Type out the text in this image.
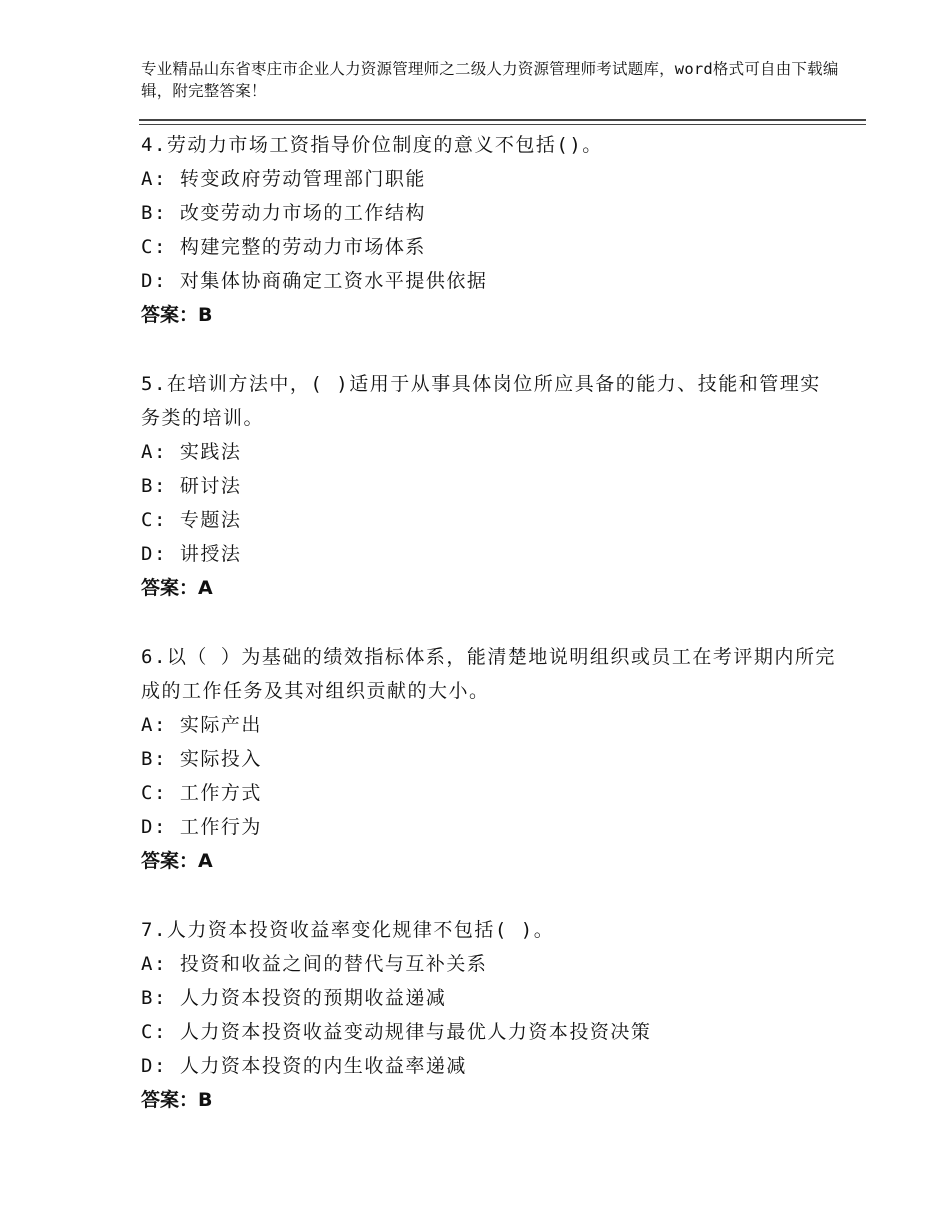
专业精品山东省枣庄市企业人力资源管理师之二级人力资源管理师考试题库，word格式可自由下载编辑，附完整答案！
4.劳动力市场工资指导价位制度的意义不包括()。
A: 转变政府劳动管理部门职能
B: 改变劳动力市场的工作结构
C: 构建完整的劳动力市场体系
D: 对集体协商确定工资水平提供依据
答案：B
5.在培训方法中，( )适用于从事具体岗位所应具备的能力、技能和管理实务类的培训。
A: 实践法
B: 研讨法
C: 专题法
D: 讲授法
答案：A
6.以（ ）为基础的绩效指标体系，能清楚地说明组织或员工在考评期内所完成的工作任务及其对组织贡献的大小。
A: 实际产出
B: 实际投入
C: 工作方式
D: 工作行为
答案：A
7.人力资本投资收益率变化规律不包括( )。
A: 投资和收益之间的替代与互补关系
B: 人力资本投资的预期收益递减
C: 人力资本投资收益变动规律与最优人力资本投资决策
D: 人力资本投资的内生收益率递减
答案：B
